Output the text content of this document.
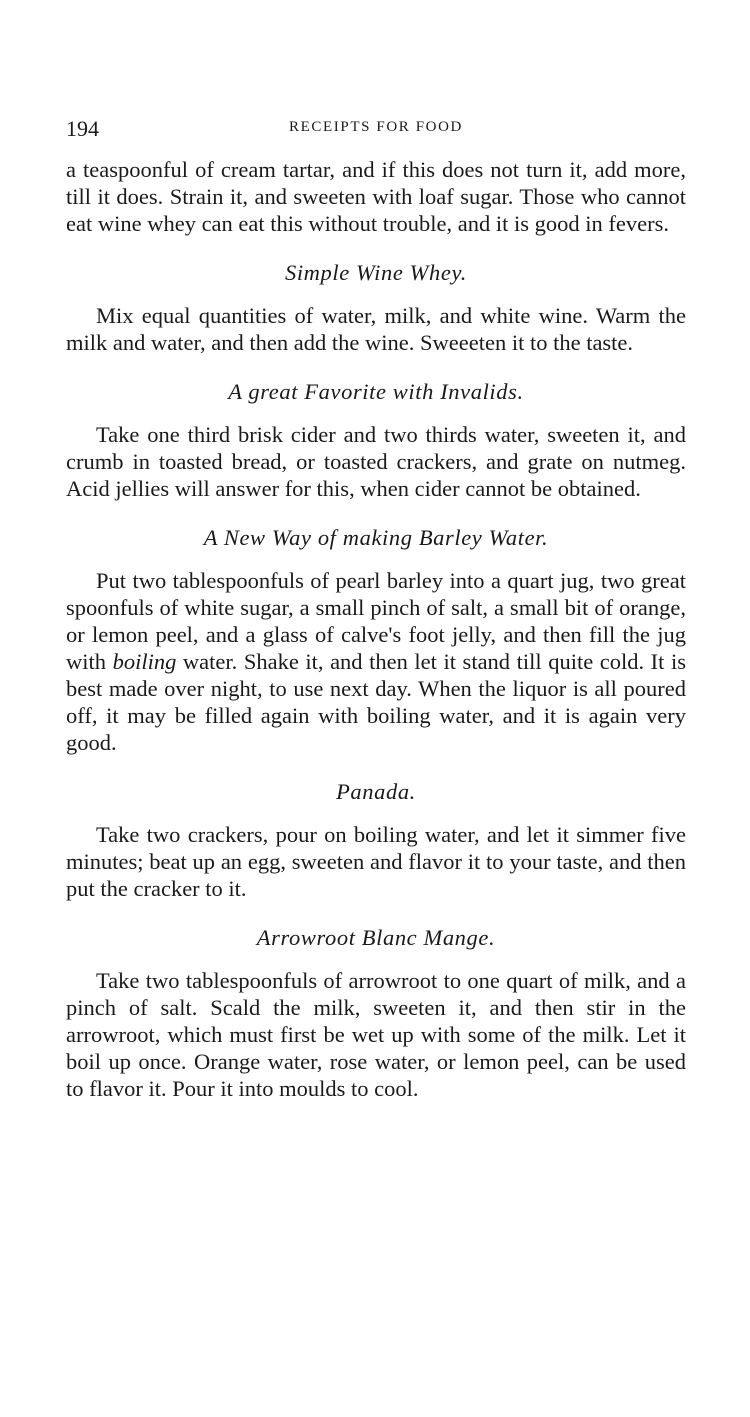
194	RECEIPTS FOR FOOD

a teaspoonful of cream tartar, and if this does not turn it, add more, till it does. Strain it, and sweeten with loaf sugar. Those who cannot eat wine whey can eat this without trouble, and it is good in fevers.

Simple Wine Whey.

Mix equal quantities of water, milk, and white wine. Warm the milk and water, and then add the wine. Sweeeten it to the taste.

A great Favorite with Invalids.

Take one third brisk cider and two thirds water, sweeten it, and crumb in toasted bread, or toasted crackers, and grate on nutmeg. Acid jellies will answer for this, when cider cannot be obtained.

A New Way of making Barley Water.

Put two tablespoonfuls of pearl barley into a quart jug, two great spoonfuls of white sugar, a small pinch of salt, a small bit of orange, or lemon peel, and a glass of calve's foot jelly, and then fill the jug with boiling water. Shake it, and then let it stand till quite cold. It is best made over night, to use next day. When the liquor is all poured off, it may be filled again with boiling water, and it is again very good.

Panada.

Take two crackers, pour on boiling water, and let it simmer five minutes; beat up an egg, sweeten and flavor it to your taste, and then put the cracker to it.

Arrowroot Blanc Mange.

Take two tablespoonfuls of arrowroot to one quart of milk, and a pinch of salt. Scald the milk, sweeten it, and then stir in the arrowroot, which must first be wet up with some of the milk. Let it boil up once. Orange water, rose water, or lemon peel, can be used to flavor it. Pour it into moulds to cool.
